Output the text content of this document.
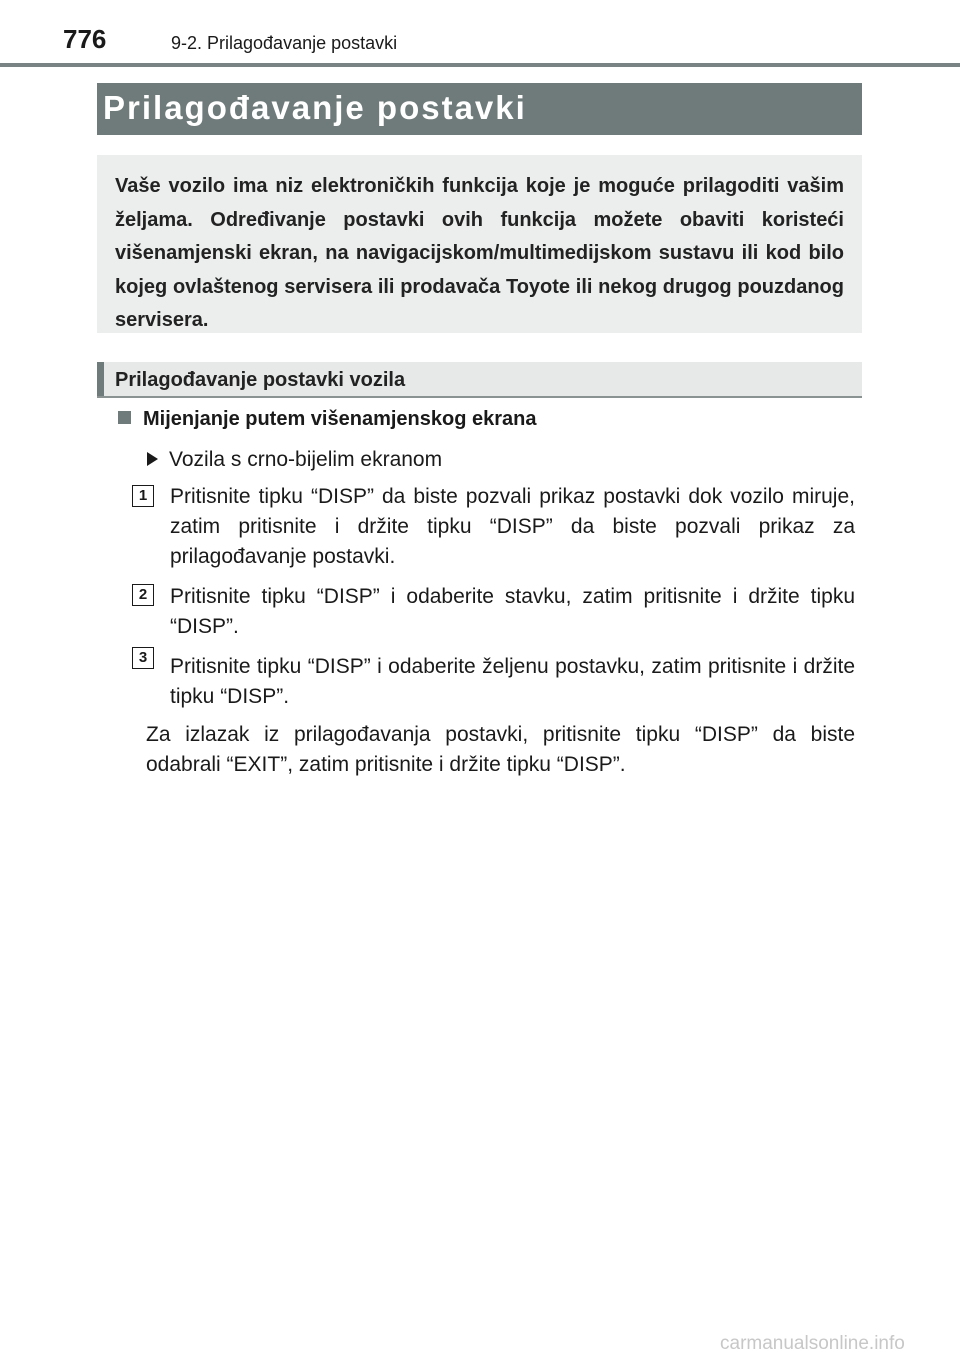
776	9-2. Prilagođavanje postavki
Prilagođavanje postavki
Vaše vozilo ima niz elektroničkih funkcija koje je moguće prilagoditi vašim željama. Određivanje postavki ovih funkcija možete obaviti koristeći višenamjenski ekran, na navigacijskom/multimedijskom sustavu ili kod bilo kojeg ovlaštenog servisera ili prodavača Toyote ili nekog drugog pouzdanog servisera.
Prilagođavanje postavki vozila
Mijenjanje putem višenamjenskog ekrana
Vozila s crno-bijelim ekranom
1	Pritisnite tipku “DISP” da biste pozvali prikaz postavki dok vozilo miruje, zatim pritisnite i držite tipku “DISP” da biste pozvali prikaz za prilagođavanje postavki.
2	Pritisnite tipku “DISP” i odaberite stavku, zatim pritisnite i držite tipku “DISP”.
3	Pritisnite tipku “DISP” i odaberite željenu postavku, zatim pritisnite i držite tipku “DISP”.
Za izlazak iz prilagođavanja postavki, pritisnite tipku “DISP” da biste odabrali “EXIT”, zatim pritisnite i držite tipku “DISP”.
carmanualsonline.info
